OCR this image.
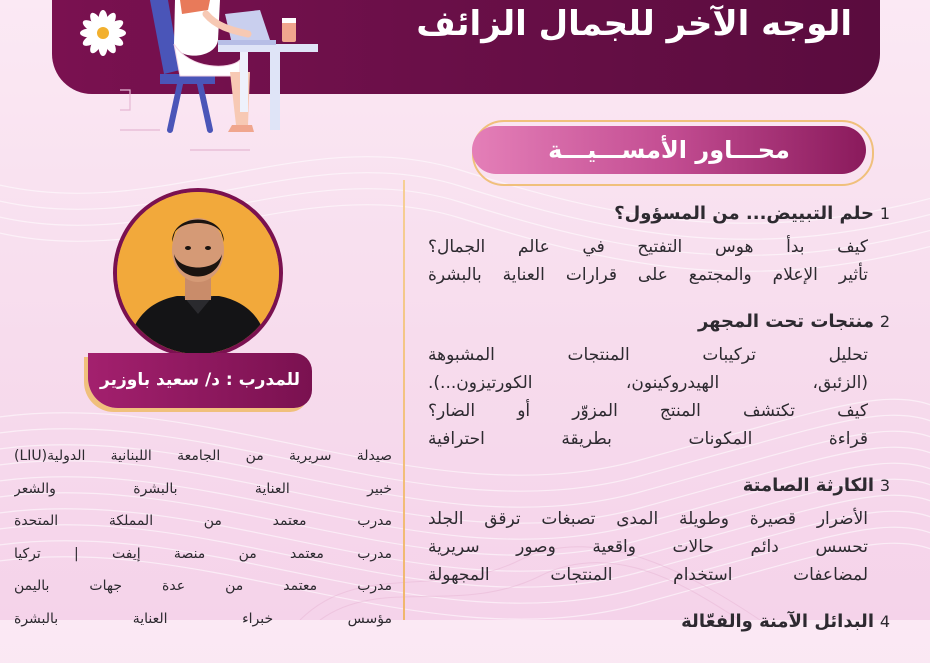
الوجه الآخر للجمال الزائف
محـــاور الأمســـيـــة
للمدرب : د/ سعيد باوزير
صيدلة سريرية من الجامعة اللبنانية الدولية(LIU)
خبير العناية بالبشرة والشعر
مدرب معتمد من المملكة المتحدة
مدرب معتمد من منصة إيفت | تركيا
مدرب معتمد من عدة جهات باليمن
مؤسس خبراء العناية بالبشرة
1
حلم التبييض... من المسؤول؟
كيف بدأ هوس التفتيح في عالم الجمال؟
تأثير الإعلام والمجتمع على قرارات العناية بالبشرة
2
منتجات تحت المجهر
تحليل تركيبات المنتجات المشبوهة
(الزئبق، الهيدروكينون، الكورتيزون...).
كيف تكتشف المنتج المزوّر أو الضار؟
قراءة المكونات بطريقة احترافية
3
الكارثة الصامتة
الأضرار قصيرة وطويلة المدى تصبغات ترقق الجلد
تحسس دائم حالات واقعية وصور سريرية
لمضاعفات استخدام المنتجات المجهولة
4
البدائل الآمنة والفعّالة
